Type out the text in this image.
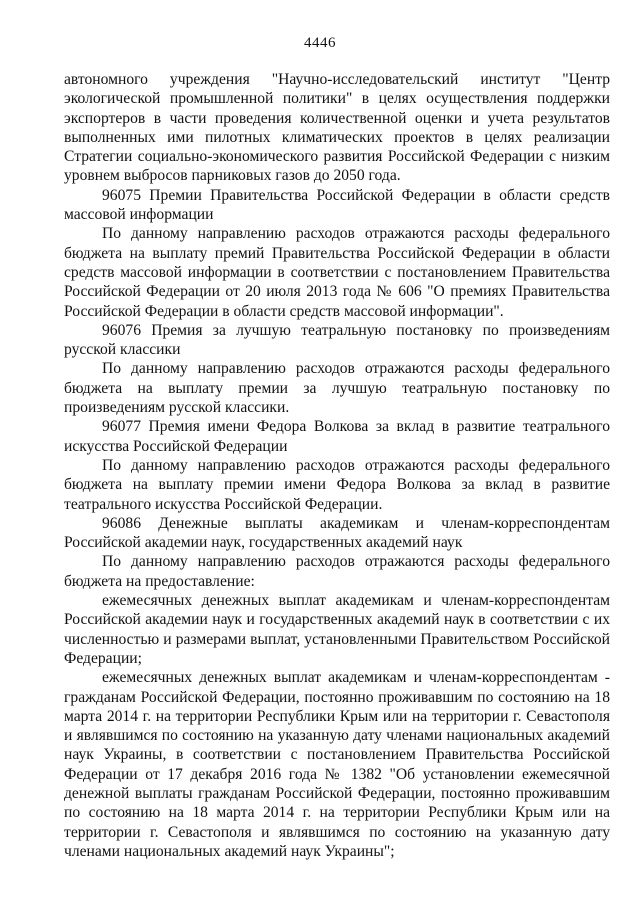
4446

автономного учреждения "Научно-исследовательский институт "Центр экологической промышленной политики" в целях осуществления поддержки экспортеров в части проведения количественной оценки и учета результатов выполненных ими пилотных климатических проектов в целях реализации Стратегии социально-экономического развития Российской Федерации с низким уровнем выбросов парниковых газов до 2050 года.

96075 Премии Правительства Российской Федерации в области средств массовой информации

По данному направлению расходов отражаются расходы федерального бюджета на выплату премий Правительства Российской Федерации в области средств массовой информации в соответствии с постановлением Правительства Российской Федерации от 20 июля 2013 года № 606 "О премиях Правительства Российской Федерации в области средств массовой информации".

96076 Премия за лучшую театральную постановку по произведениям русской классики

По данному направлению расходов отражаются расходы федерального бюджета на выплату премии за лучшую театральную постановку по произведениям русской классики.

96077 Премия имени Федора Волкова за вклад в развитие театрального искусства Российской Федерации

По данному направлению расходов отражаются расходы федерального бюджета на выплату премии имени Федора Волкова за вклад в развитие театрального искусства Российской Федерации.

96086 Денежные выплаты академикам и членам-корреспондентам Российской академии наук, государственных академий наук

По данному направлению расходов отражаются расходы федерального бюджета на предоставление:

ежемесячных денежных выплат академикам и членам-корреспондентам Российской академии наук и государственных академий наук в соответствии с их численностью и размерами выплат, установленными Правительством Российской Федерации;

ежемесячных денежных выплат академикам и членам-корреспондентам - гражданам Российской Федерации, постоянно проживавшим по состоянию на 18 марта 2014 г. на территории Республики Крым или на территории г. Севастополя и являвшимся по состоянию на указанную дату членами национальных академий наук Украины, в соответствии с постановлением Правительства Российской Федерации от 17 декабря 2016 года № 1382 "Об установлении ежемесячной денежной выплаты гражданам Российской Федерации, постоянно проживавшим по состоянию на 18 марта 2014 г. на территории Республики Крым или на территории г. Севастополя и являвшимся по состоянию на указанную дату членами национальных академий наук Украины";
